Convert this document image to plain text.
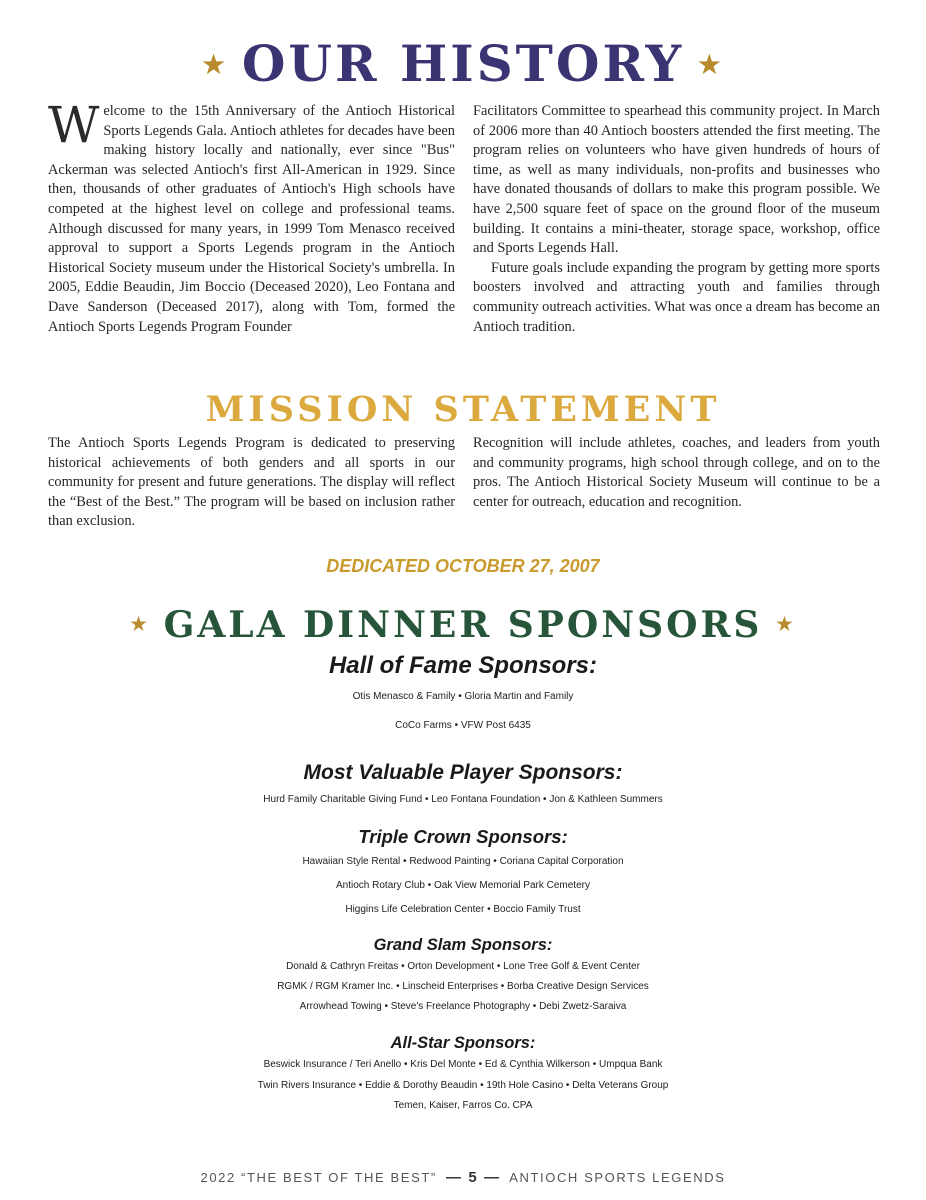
★ OUR HISTORY ★

Welcome to the 15th Anniversary of the Antioch Historical Sports Legends Gala. Antioch athletes for decades have been making history locally and nationally, ever since "Bus" Ackerman was selected Antioch's first All-American in 1929. Since then, thousands of other graduates of Antioch's High schools have competed at the highest level on college and professional teams. Although discussed for many years, in 1999 Tom Menasco received approval to support a Sports Legends program in the Antioch Historical Society museum under the Historical Society's umbrella. In 2005, Eddie Beaudin, Jim Boccio (Deceased 2020), Leo Fontana and Dave Sanderson (Deceased 2017), along with Tom, formed the Antioch Sports Legends Program Founder

Facilitators Committee to spearhead this community project. In March of 2006 more than 40 Antioch boosters attended the first meeting. The program relies on volunteers who have given hundreds of hours of time, as well as many individuals, non-profits and businesses who have donated thousands of dollars to make this program possible. We have 2,500 square feet of space on the ground floor of the museum building. It contains a mini-theater, storage space, workshop, office and Sports Legends Hall.

Future goals include expanding the program by getting more sports boosters involved and attracting youth and families through community outreach activities. What was once a dream has become an Antioch tradition.

MISSION STATEMENT

The Antioch Sports Legends Program is dedicated to preserving historical achievements of both genders and all sports in our community for present and future generations. The display will reflect the “Best of the Best.” The program will be based on inclusion rather than exclusion.

Recognition will include athletes, coaches, and leaders from youth and community programs, high school through college, and on to the pros. The Antioch Historical Society Museum will continue to be a center for outreach, education and recognition.

DEDICATED OCTOBER 27, 2007
★ GALA DINNER SPONSORS ★
Hall of Fame Sponsors:
Otis Menasco & Family • Gloria Martin and Family
CoCo Farms • VFW Post 6435
Most Valuable Player Sponsors:
Hurd Family Charitable Giving Fund • Leo Fontana Foundation • Jon & Kathleen Summers
Triple Crown Sponsors:
Hawaiian Style Rental • Redwood Painting • Coriana Capital Corporation
Antioch Rotary Club • Oak View Memorial Park Cemetery
Higgins Life Celebration Center • Boccio Family Trust
Grand Slam Sponsors:
Donald & Cathryn Freitas • Orton Development • Lone Tree Golf & Event Center
RGMK / RGM Kramer Inc. • Linscheid Enterprises • Borba Creative Design Services
Arrowhead Towing • Steve's Freelance Photography • Debi Zwetz-Saraiva
All-Star Sponsors:
Beswick Insurance / Teri Anello • Kris Del Monte • Ed & Cynthia Wilkerson • Umpqua Bank
Twin Rivers Insurance • Eddie & Dorothy Beaudin • 19th Hole Casino • Delta Veterans Group
Temen, Kaiser, Farros Co. CPA
2022 “THE BEST OF THE BEST” — 5 — ANTIOCH SPORTS LEGENDS
